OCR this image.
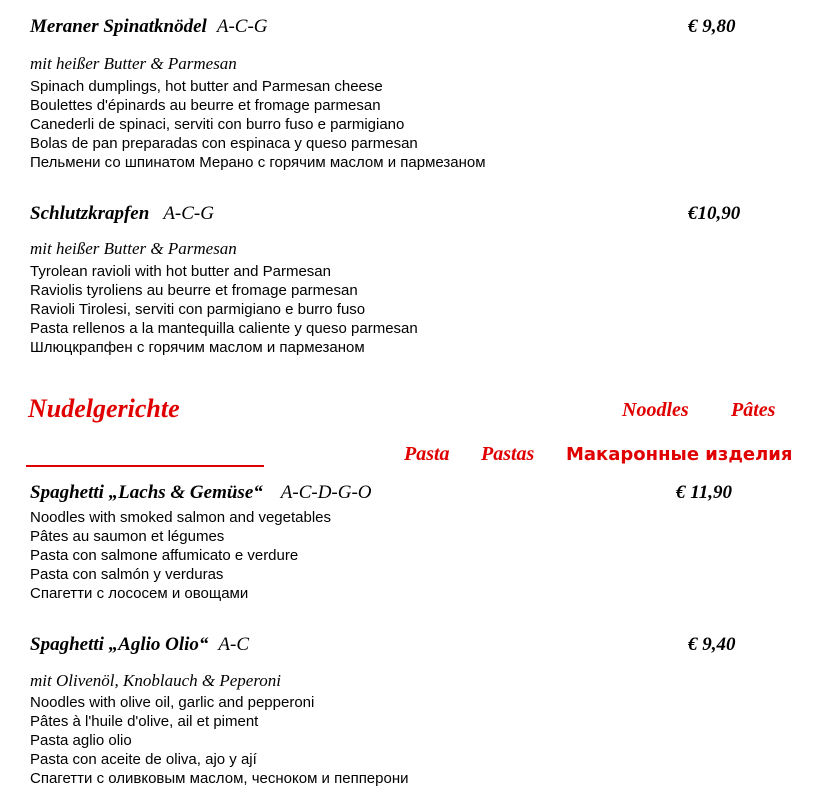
Meraner Spinatknödel A-C-G	€ 9,80
mit heißer Butter & Parmesan
Spinach dumplings, hot butter and Parmesan cheese
Boulettes d'épinards au beurre et fromage parmesan
Canederli de spinaci, serviti con burro fuso e parmigiano
Bolas de pan preparadas con espinaca y queso parmesan
Пельмени со шпинатом Мерано с горячим маслом и пармезаном
Schlutzkrapfen A-C-G	€10,90
mit heißer Butter & Parmesan
Tyrolean ravioli with hot butter and Parmesan
Raviolis tyroliens au beurre et fromage parmesan
Ravioli Tirolesi, serviti con parmigiano e burro fuso
Pasta rellenos a la mantequilla caliente y queso parmesan
Шлюцкрапфен с горячим маслом и пармезаном
Nudelgerichte	Noodles Pâtes
Pasta Pastas Макаронные изделия
Spaghetti „Lachs & Gemüse“ A-C-D-G-O	€ 11,90
Noodles with smoked salmon and vegetables
Pâtes au saumon et légumes
Pasta con salmone affumicato e verdure
Pasta con salmón y verduras
Спагетти с лососем и овощами
Spaghetti „Aglio Olio“ A-C	€ 9,40
mit Olivenöl, Knoblauch & Peperoni
Noodles with olive oil, garlic and pepperoni
Pâtes à l'huile d'olive, ail et piment
Pasta aglio olio
Pasta con aceite de oliva, ajo y ají
Спагетти с оливковым маслом, чесноком и пепперони
